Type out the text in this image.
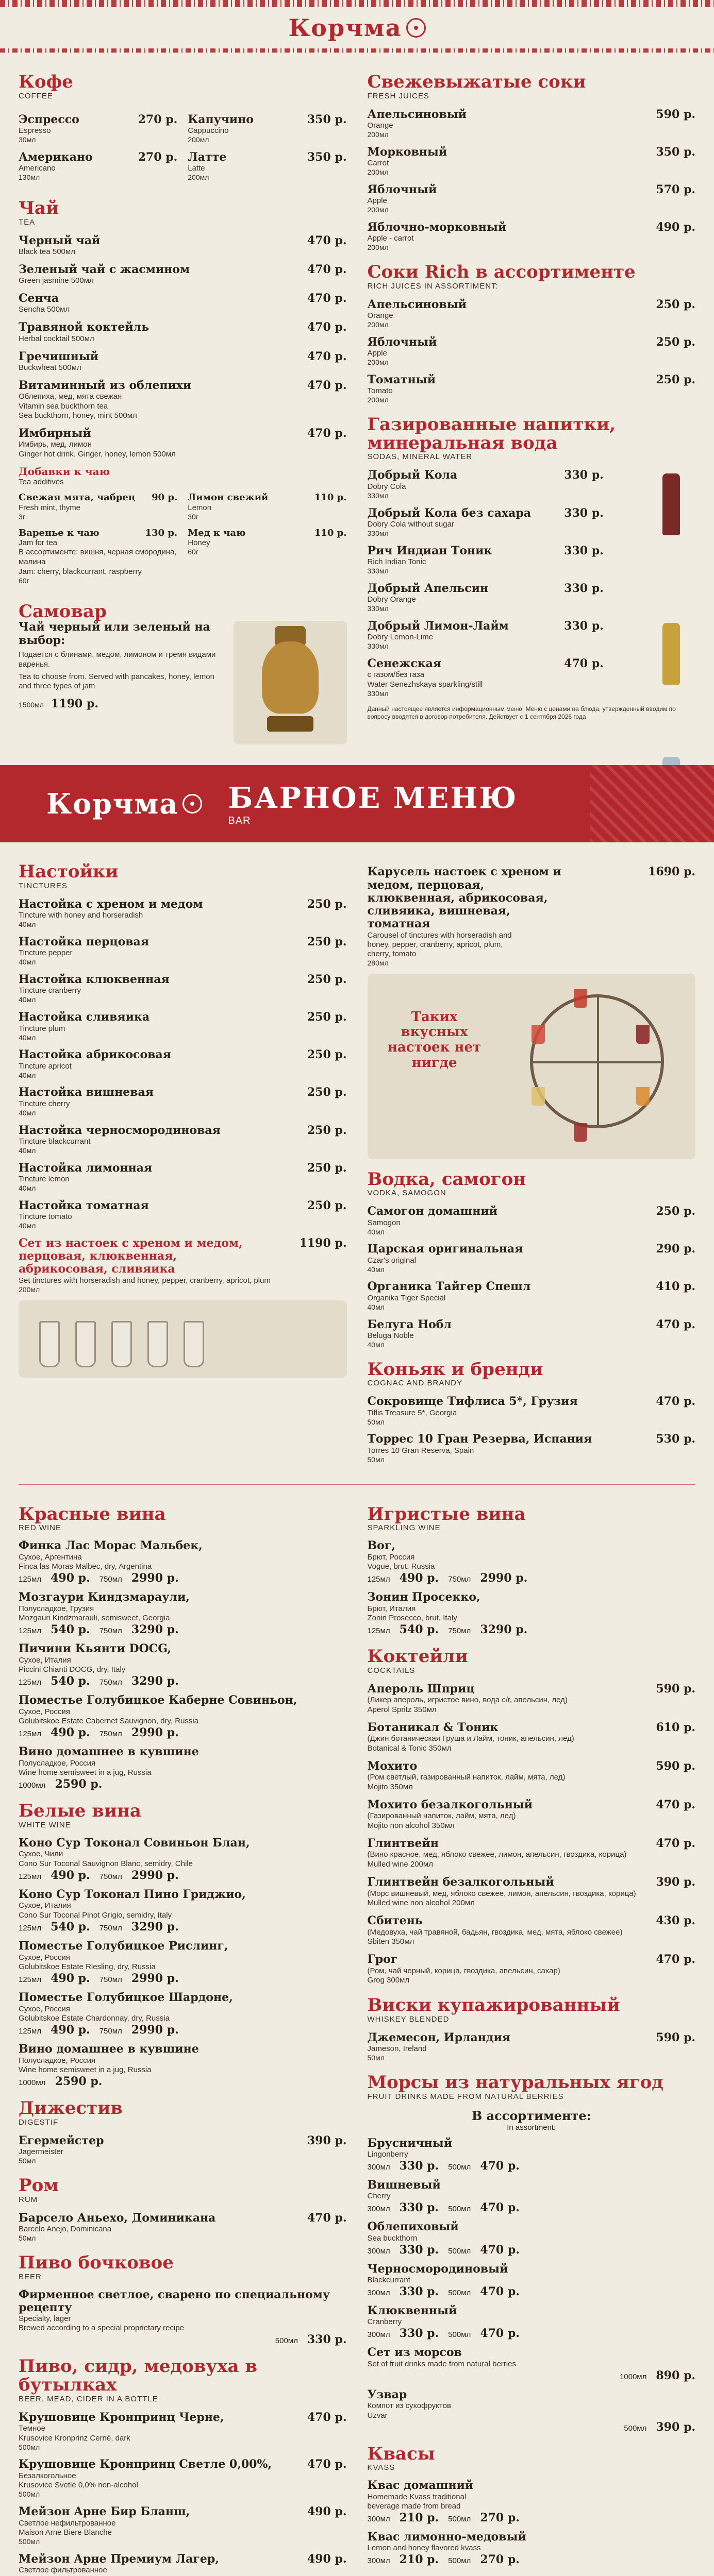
Корчма
Кофе
COFFEE
Эспрессо	270 р.
Espresso
30мл
Американо	270 р.
Americano
130мл
Капучино	350 р.
Cappuccino
200мл
Латте	350 р.
Latte
200мл
Чай
TEA
Черный чай	470 р.
Black tea 500мл
Зеленый чай с жасмином	470 р.
Green jasmine 500мл
Сенча	470 р.
Sencha 500мл
Травяной коктейль	470 р.
Herbal cocktail 500мл
Гречишный	470 р.
Buckwheat 500мл
Витаминный из облепихи	470 р.
Облепиха, мед, мята свежая
Vitamin sea buckthorn tea
Sea buckthorn, honey, mint 500мл
Имбирный	470 р.
Имбирь, мед, лимон
Ginger hot drink. Ginger, honey, lemon 500мл
Добавки к чаю
Tea additives
Свежая мята, чабрец 90 р.
Fresh mint, thyme
3г
Варенье к чаю	130 р.
Jam for tea
В ассортименте: вишня, черная смородина, малина
Jam: cherry, blackcurrant, raspberry
60г
Лимон свежий	110 р.
Lemon
30г
Мед к чаю	110 р.
Honey
60г
Самовар
Чай черный или зеленый на выбор:
Подается с блинами, медом, лимоном и тремя видами варенья.
Tea to choose from. Served with pancakes, honey, lemon and three types of jam
1500мл 1190 р.
Свежевыжатые соки
FRESH JUICES
Апельсиновый	590 р.
Orange
200мл
Морковный	350 р.
Carrot
200мл
Яблочный	570 р.
Apple
200мл
Яблочно-морковный	490 р.
Apple - carrot
200мл
Соки Rich в ассортименте
RICH JUICES IN ASSORTIMENT:
Апельсиновый	250 р.
Orange
200мл
Яблочный	250 р.
Apple
200мл
Томатный	250 р.
Tomato
200мл
Газированные напитки, минеральная вода
SODAS, MINERAL WATER
Добрый Кола	330 р.
Dobry Cola
330мл
Добрый Кола без сахара	330 р.
Dobry Cola without sugar
330мл
Рич Индиан Тоник	330 р.
Rich Indian Tonic
330мл
Добрый Апельсин	330 р.
Dobry Orange
330мл
Добрый Лимон-Лайм	330 р.
Dobry Lemon-Lime
330мл
Сенежская	470 р.
с газом/без газа
Water Senezhskaya sparkling/still
330мл
Данный настоящее является информационным меню. Меню с ценами на блюда, утвержденный вводим по вопросу вводятся в договор потребителя. Действует с 1 сентября 2026 года
Корчма БАРНОЕ МЕНЮ
BAR
Настойки
TINCTURES
Настойка с хреном и медом	250 р.
Tincture with honey and horseradish
40мл
Настойка перцовая	250 р.
Tincture pepper
40мл
Настойка клюквенная	250 р.
Tincture cranberry
40мл
Настойка сливяика	250 р.
Tincture plum
40мл
Настойка абрикосовая	250 р.
Tincture apricot
40мл
Настойка вишневая	250 р.
Tincture cherry
40мл
Настойка черносмородиновая	250 р.
Tincture blackcurrant
40мл
Настойка лимонная	250 р.
Tincture lemon
40мл
Настойка томатная	250 р.
Tincture tomato
40мл
Сет из настоек с хреном и медом, перцовая, клюквенная, абрикосовая, сливяика
1190 р.
Set tinctures with horseradish and honey, pepper, cranberry, apricot, plum
200мл
Карусель настоек с хреном и медом, перцовая, клюквенная, абрикосовая, сливяика, вишневая, томатная
1690 р.
Carousel of tinctures with horseradish and honey, pepper, cranberry, apricot, plum, cherry, tomato
280мл
Таких вкусных настоек нет нигде
Водка, самогон
VODKA, SAMOGON
Самогон домашний	250 р.
Samogon
40мл
Царская оригинальная	290 р.
Czar's original
40мл
Органика Тайгер Спешл	410 р.
Organika Tiger Special
40мл
Белуга Нобл	470 р.
Beluga Noble
40мл
Коньяк и бренди
COGNAC AND BRANDY
Сокровище Тифлиса 5*, Грузия	470 р.
Tiflis Treasure 5*, Georgia
50мл
Торрес 10 Гран Резерва, Испания	530 р.
Torres 10 Gran Reserva, Spain
50мл
Красные вина
RED WINE
Финка Лас Морас Мальбек,
Сухое, Аргентина
Finca las Moras Malbec, dry, Argentina
125мл 490 р. 750мл 2990 р.
Мозгаури Киндзмараули,
Полусладкое, Грузия
Mozgauri Kindzmarauli, semisweet, Georgia
125мл 540 р. 750мл 3290 р.
Пичини Кьянти DOCG,
Сухое, Италия
Piccini Chianti DOCG, dry, Italy
125мл 540 р. 750мл 3290 р.
Поместье Голубицкое Каберне Совиньон,
Сухое, Россия
Golubitskoe Estate Cabernet Sauvignon, dry, Russia
125мл 490 р. 750мл 2990 р.
Вино домашнее в кувшине
Полусладкое, Россия
Wine home semisweet in a jug, Russia
1000мл 2590 р.
Белые вина
WHITE WINE
Коно Сур Токонал Совиньон Блан,
Сухое, Чили
Cono Sur Toconal Sauvignon Blanc, semidry, Chile
125мл 490 р. 750мл 2990 р.
Коно Сур Токонал Пино Гриджио,
Сухое, Италия
Cono Sur Toconal Pinot Grigio, semidry, Italy
125мл 540 р. 750мл 3290 р.
Поместье Голубицкое Рислинг,
Сухое, Россия
Golubitskoe Estate Riesling, dry, Russia
125мл 490 р. 750мл 2990 р.
Поместье Голубицкое Шардоне,
Сухое, Россия
Golubitskoe Estate Chardonnay, dry, Russia
125мл 490 р. 750мл 2990 р.
Вино домашнее в кувшине
Полусладкое, Россия
Wine home semisweet in a jug, Russia
1000мл 2590 р.
Дижестив
DIGESTIF
Егермейстер	390 р.
Jagermeister
50мл
Ром
RUM
Барсело Аньехо, Доминикана	470 р.
Barcelo Anejo, Dominicana
50мл
Пиво бочковое
BEER
Фирменное светлое, сварено по специальному рецепту
Specialty, lager
Brewed according to a special proprietary recipe
500мл 330 р.
Пиво, сидр, медовуха в бутылках
BEER, MEAD, CIDER IN A BOTTLE
Крушовице Кронпринц Черне,	470 р.
Темное
Krusovice Kronprinz Cerné, dark
500мл
Крушовице Кронпринц Светле 0,00%,	470 р.
Безалкогольное
Krusovice Svetlé 0,0% non-alcohol
500мл
Мейзон Арне Бир Бланш,	490 р.
Светлое нефильтрованное
Maison Arne Biere Blanche
500мл
Мейзон Арне Премиум Лагер,	490 р.
Светлое фильтрованное
Игристые вина
SPARKLING WINE
Вог,
Брют, Россия
Vogue, brut, Russia
125мл 490 р. 750мл 2990 р.
Зонин Просекко,
Брют, Италия
Zonin Prosecco, brut, Italy
125мл 540 р. 750мл 3290 р.
Коктейли
COCKTAILS
Апероль Шприц	590 р.
(Ликер апероль, игристое вино, вода с/г, апельсин, лед)
Aperol Spritz 350мл
Ботаникал & Тоник	610 р.
(Джин ботаническая Груша и Лайм, тоник, апельсин, лед)
Botanical & Tonic 350мл
Мохито	590 р.
(Ром светлый, газированный напиток, лайм, мята, лед)
Mojito 350мл
Мохито безалкогольный	470 р.
(Газированный напиток, лайм, мята, лед)
Mojito non alcohol 350мл
Глинтвейн	470 р.
(Вино красное, мед, яблоко свежее, лимон, апельсин, гвоздика, корица)
Mulled wine 200мл
Глинтвейн безалкогольный	390 р.
(Морс вишневый, мед, яблоко свежее, лимон, апельсин, гвоздика, корица)
Mulled wine non alcohol 200мл
Сбитень	430 р.
(Медовуха, чай травяной, бадьян, гвоздика, мед, мята, яблоко свежее)
Sbiten 350мл
Грог	470 р.
(Ром, чай черный, корица, гвоздика, апельсин, сахар)
Grog 300мл
Виски купажированный
WHISKEY BLENDED
Джемесон, Ирландия	590 р.
Jameson, Ireland
50мл
Морсы из натуральных ягод
FRUIT DRINKS MADE FROM NATURAL BERRIES
В ассортименте:
In assortment:
Брусничный
Lingonberry
300мл 330 р. 500мл 470 р.
Вишневый
Cherry
300мл 330 р. 500мл 470 р.
Облепиховый
Sea buckthorn
300мл 330 р. 500мл 470 р.
Черносмородиновый
Blackcurrant
300мл 330 р. 500мл 470 р.
Клюквенный
Cranberry
300мл 330 р. 500мл 470 р.
Сет из морсов
Set of fruit drinks made from natural berries
1000мл 890 р.
Узвар
Компот из сухофруктов
Uzvar
500мл 390 р.
Квасы
KVASS
Квас домашний
Homemade Kvass traditional
beverage made from bread
300мл 210 р. 500мл 270 р.
Квас лимонно-медовый
Lemon and honey flavored kvass
300мл 210 р. 500мл 270 р.
